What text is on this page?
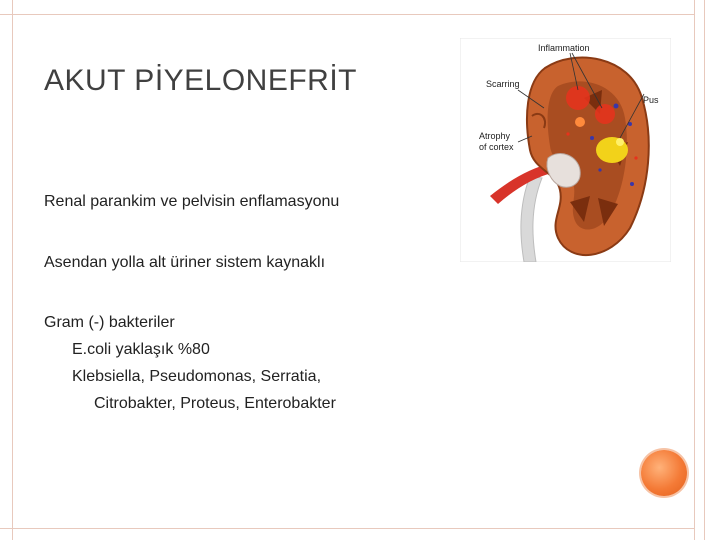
AKUT PİYELONEFRİT
Renal parankim ve pelvisin enflamasyonu
Asendan yolla alt üriner sistem kaynaklı
Gram (-) bakteriler
E.coli yaklaşık %80
Klebsiella, Pseudomonas, Serratia,
Citrobakter, Proteus, Enterobakter
Inflammation
Scarring
Pus
Atrophy
of cortex
